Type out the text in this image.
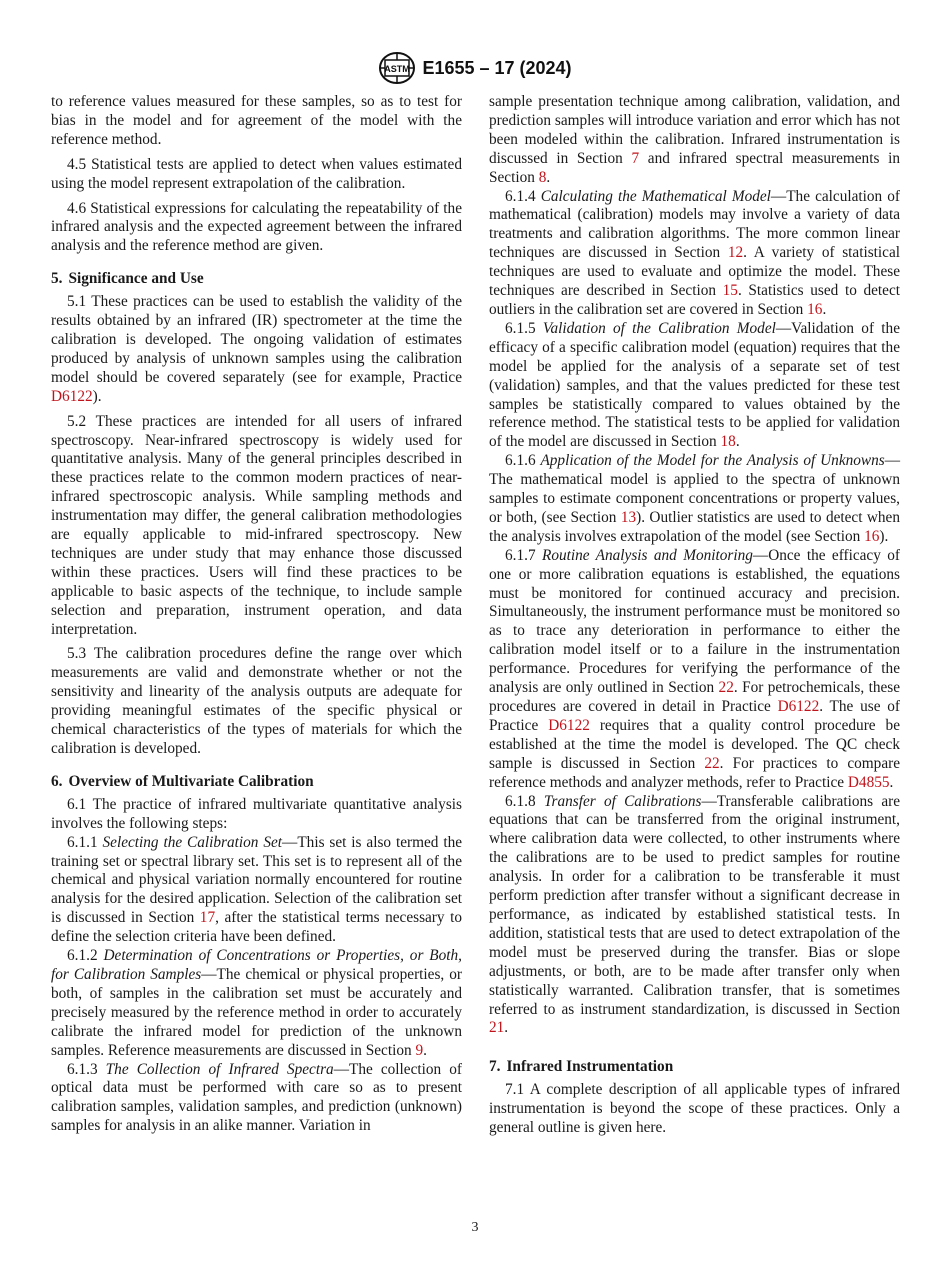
ASTM E1655 – 17 (2024)

to reference values measured for these samples, so as to test for bias in the model and for agreement of the model with the reference method.

4.5 Statistical tests are applied to detect when values estimated using the model represent extrapolation of the calibration.

4.6 Statistical expressions for calculating the repeatability of the infrared analysis and the expected agreement between the infrared analysis and the reference method are given.

5. Significance and Use

5.1 These practices can be used to establish the validity of the results obtained by an infrared (IR) spectrometer at the time the calibration is developed. The ongoing validation of estimates produced by analysis of unknown samples using the calibration model should be covered separately (see for example, Practice D6122).

5.2 These practices are intended for all users of infrared spectroscopy. Near-infrared spectroscopy is widely used for quantitative analysis. Many of the general principles described in these practices relate to the common modern practices of near-infrared spectroscopic analysis. While sampling methods and instrumentation may differ, the general calibration methodologies are equally applicable to mid-infrared spectroscopy. New techniques are under study that may enhance those discussed within these practices. Users will find these practices to be applicable to basic aspects of the technique, to include sample selection and preparation, instrument operation, and data interpretation.

5.3 The calibration procedures define the range over which measurements are valid and demonstrate whether or not the sensitivity and linearity of the analysis outputs are adequate for providing meaningful estimates of the specific physical or chemical characteristics of the types of materials for which the calibration is developed.

6. Overview of Multivariate Calibration

6.1 The practice of infrared multivariate quantitative analysis involves the following steps:

6.1.1 Selecting the Calibration Set—This set is also termed the training set or spectral library set. This set is to represent all of the chemical and physical variation normally encountered for routine analysis for the desired application. Selection of the calibration set is discussed in Section 17, after the statistical terms necessary to define the selection criteria have been defined.

6.1.2 Determination of Concentrations or Properties, or Both, for Calibration Samples—The chemical or physical properties, or both, of samples in the calibration set must be accurately and precisely measured by the reference method in order to accurately calibrate the infrared model for prediction of the unknown samples. Reference measurements are discussed in Section 9.

6.1.3 The Collection of Infrared Spectra—The collection of optical data must be performed with care so as to present calibration samples, validation samples, and prediction (unknown) samples for analysis in an alike manner. Variation in

sample presentation technique among calibration, validation, and prediction samples will introduce variation and error which has not been modeled within the calibration. Infrared instrumentation is discussed in Section 7 and infrared spectral measurements in Section 8.

6.1.4 Calculating the Mathematical Model—The calculation of mathematical (calibration) models may involve a variety of data treatments and calibration algorithms. The more common linear techniques are discussed in Section 12. A variety of statistical techniques are used to evaluate and optimize the model. These techniques are described in Section 15. Statistics used to detect outliers in the calibration set are covered in Section 16.

6.1.5 Validation of the Calibration Model—Validation of the efficacy of a specific calibration model (equation) requires that the model be applied for the analysis of a separate set of test (validation) samples, and that the values predicted for these test samples be statistically compared to values obtained by the reference method. The statistical tests to be applied for validation of the model are discussed in Section 18.

6.1.6 Application of the Model for the Analysis of Unknowns—The mathematical model is applied to the spectra of unknown samples to estimate component concentrations or property values, or both, (see Section 13). Outlier statistics are used to detect when the analysis involves extrapolation of the model (see Section 16).

6.1.7 Routine Analysis and Monitoring—Once the efficacy of one or more calibration equations is established, the equations must be monitored for continued accuracy and precision. Simultaneously, the instrument performance must be monitored so as to trace any deterioration in performance to either the calibration model itself or to a failure in the instrumentation performance. Procedures for verifying the performance of the analysis are only outlined in Section 22. For petrochemicals, these procedures are covered in detail in Practice D6122. The use of Practice D6122 requires that a quality control procedure be established at the time the model is developed. The QC check sample is discussed in Section 22. For practices to compare reference methods and analyzer methods, refer to Practice D4855.

6.1.8 Transfer of Calibrations—Transferable calibrations are equations that can be transferred from the original instrument, where calibration data were collected, to other instruments where the calibrations are to be used to predict samples for routine analysis. In order for a calibration to be transferable it must perform prediction after transfer without a significant decrease in performance, as indicated by established statistical tests. In addition, statistical tests that are used to detect extrapolation of the model must be preserved during the transfer. Bias or slope adjustments, or both, are to be made after transfer only when statistically warranted. Calibration transfer, that is sometimes referred to as instrument standardization, is discussed in Section 21.

7. Infrared Instrumentation

7.1 A complete description of all applicable types of infrared instrumentation is beyond the scope of these practices. Only a general outline is given here.

3
